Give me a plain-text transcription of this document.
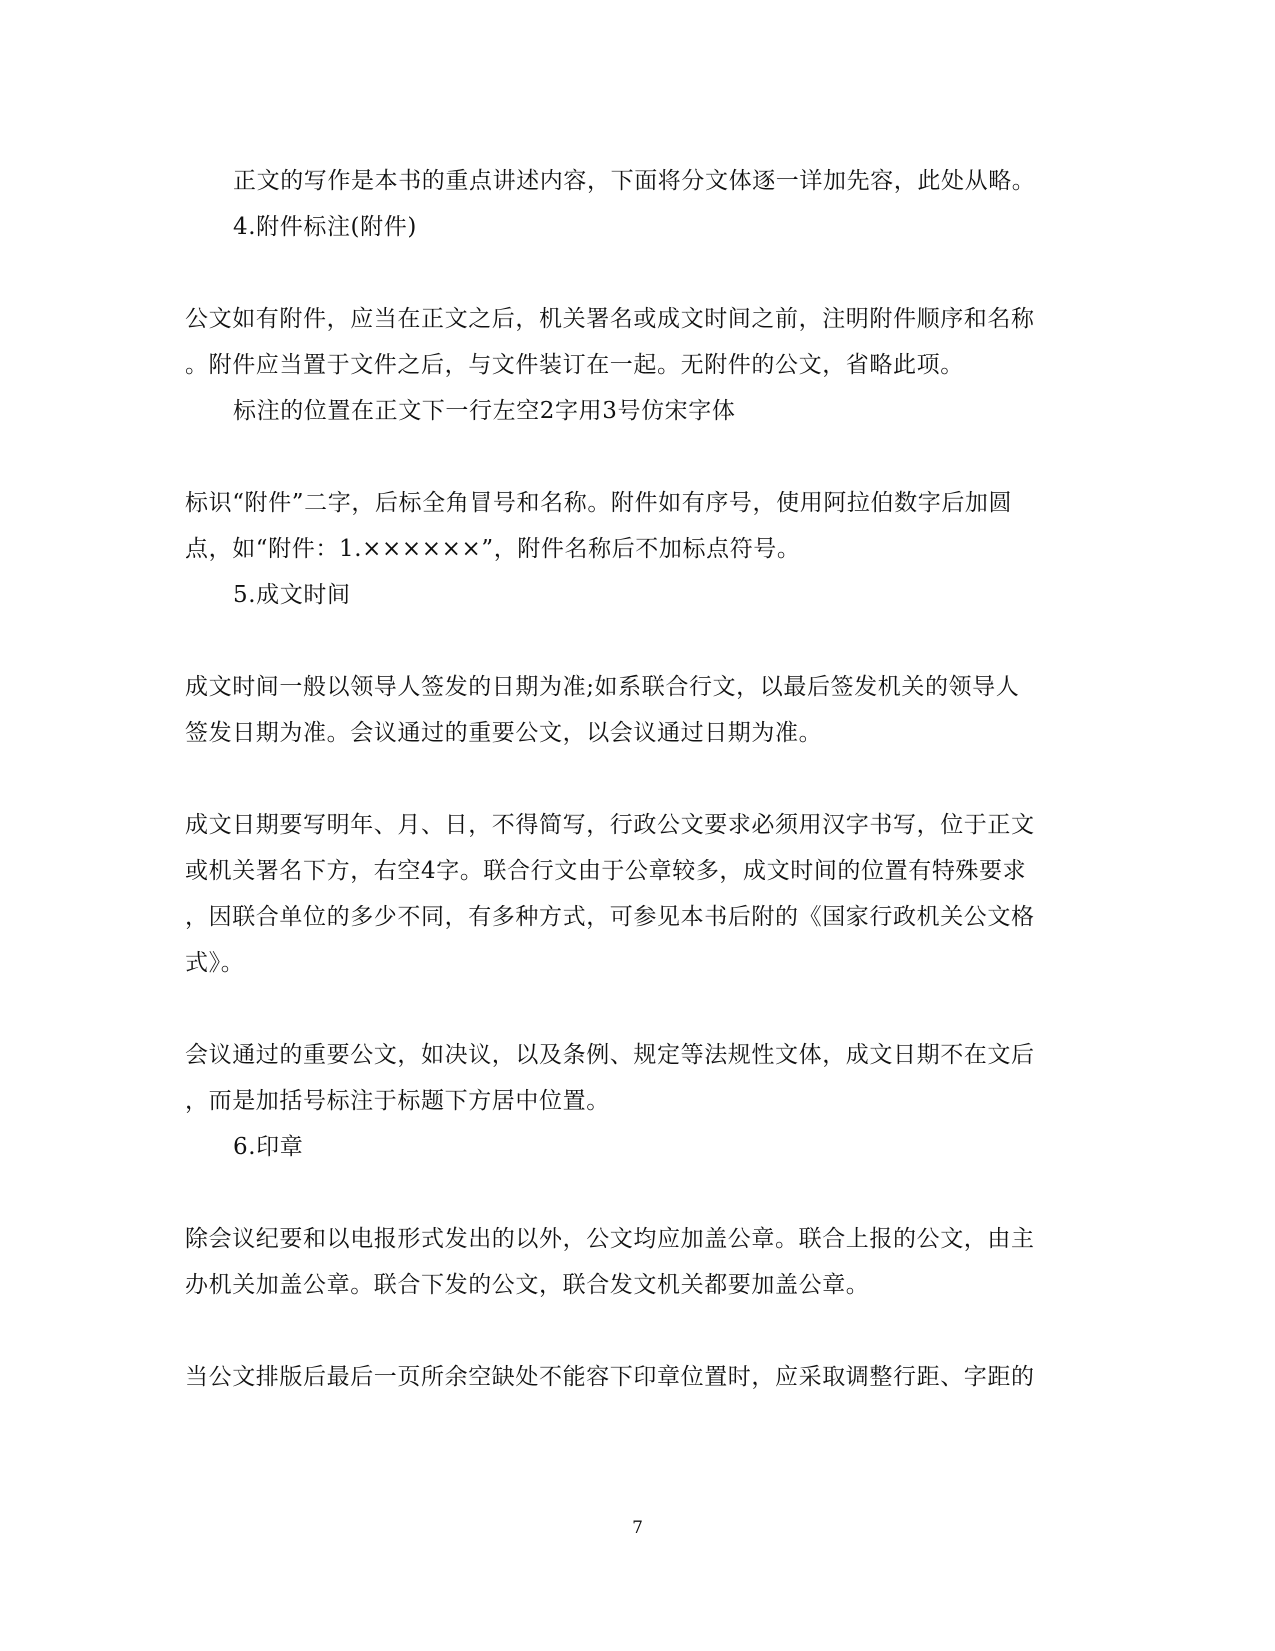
正文的写作是本书的重点讲述内容，下面将分文体逐一详加先容，此处从略。
4.附件标注(附件)
公文如有附件，应当在正文之后，机关署名或成文时间之前，注明附件顺序和名称
。附件应当置于文件之后，与文件装订在一起。无附件的公文，省略此项。
标注的位置在正文下一行左空2字用3号仿宋字体
标识“附件”二字，后标全角冒号和名称。附件如有序号，使用阿拉伯数字后加圆
点，如“附件：1.××××××”，附件名称后不加标点符号。
5.成文时间
成文时间一般以领导人签发的日期为准;如系联合行文，以最后签发机关的领导人
签发日期为准。会议通过的重要公文，以会议通过日期为准。
成文日期要写明年、月、日，不得简写，行政公文要求必须用汉字书写，位于正文
或机关署名下方，右空4字。联合行文由于公章较多，成文时间的位置有特殊要求
，因联合单位的多少不同，有多种方式，可参见本书后附的《国家行政机关公文格
式》。
会议通过的重要公文，如决议，以及条例、规定等法规性文体，成文日期不在文后
，而是加括号标注于标题下方居中位置。
6.印章
除会议纪要和以电报形式发出的以外，公文均应加盖公章。联合上报的公文，由主
办机关加盖公章。联合下发的公文，联合发文机关都要加盖公章。
当公文排版后最后一页所余空缺处不能容下印章位置时，应采取调整行距、字距的
7
